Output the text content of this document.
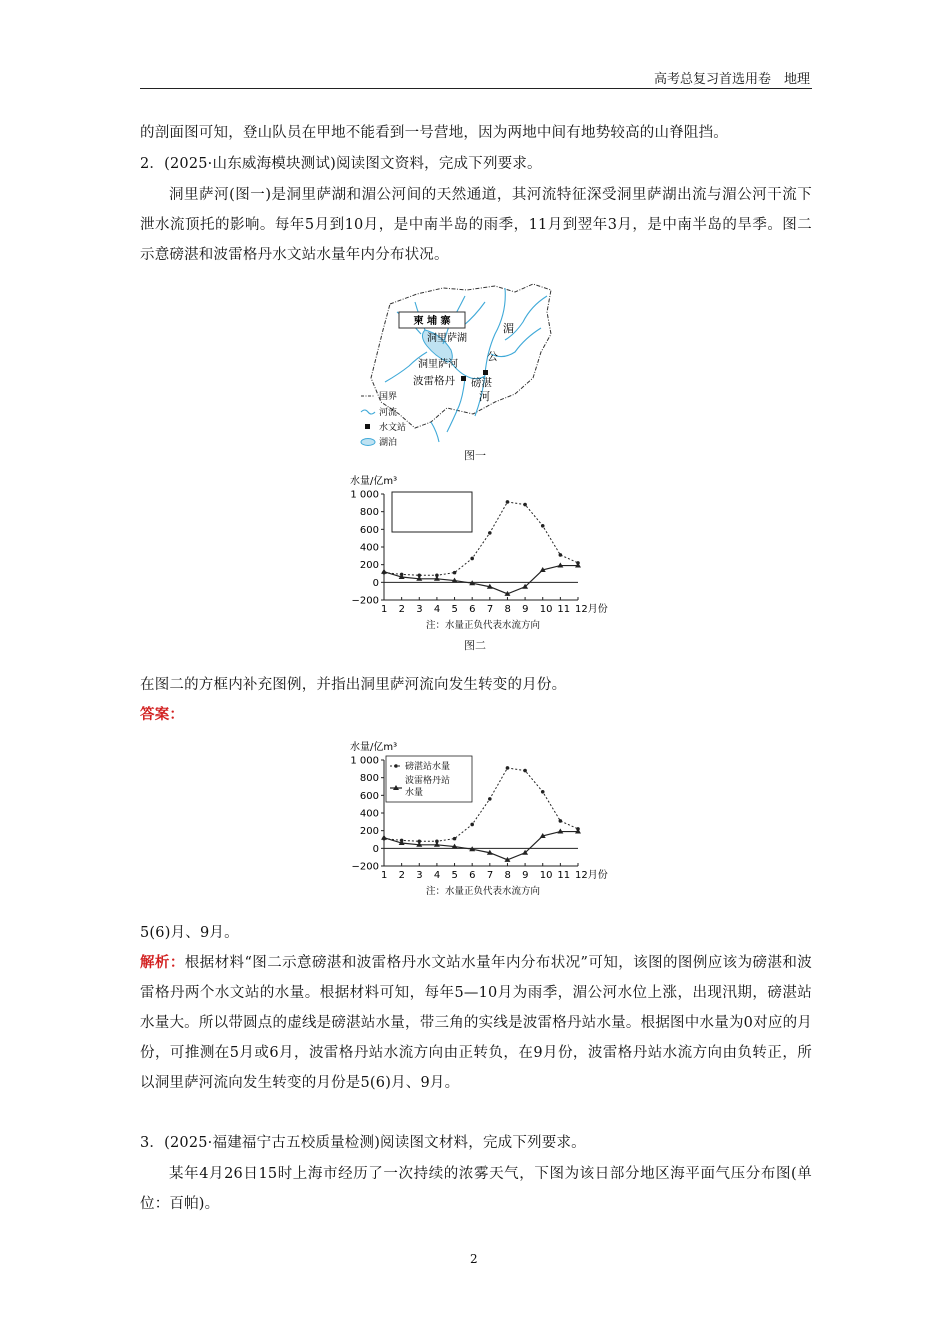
高考总复习首选用卷　地理

的剖面图可知，登山队员在甲地不能看到一号营地，因为两地中间有地势较高的山脊阻挡。

2．(2025·山东威海模块测试)阅读图文资料，完成下列要求。

洞里萨河(图一)是洞里萨湖和湄公河间的天然通道，其河流特征深受洞里萨湖出流与湄公河干流下泄水流顶托的影响。每年5月到10月，是中南半岛的雨季，11月到翌年3月，是中南半岛的旱季。图二示意磅湛和波雷格丹水文站水量年内分布状况。

柬 埔 寨
洞里萨湖
洞里萨河
波雷格丹 磅湛
湄
公
河
国界
河流
水文站
湖泊
图一
水量/亿m³
1 000
800
600
400
200
0
−200
1 2 3 4 5 6 7 8 9 10 11 12月份
注：水量正负代表水流方向
图二

在图二的方框内补充图例，并指出洞里萨河流向发生转变的月份。

答案：

水量/亿m³
1 000
800
600
400
200
0
−200
1 2 3 4 5 6 7 8 9 10 11 12月份
磅湛站水量
波雷格丹站
水量
注：水量正负代表水流方向

5(6)月、9月。

解析：根据材料“图二示意磅湛和波雷格丹水文站水量年内分布状况”可知，该图的图例应该为磅湛和波雷格丹两个水文站的水量。根据材料可知，每年5—10月为雨季，湄公河水位上涨，出现汛期，磅湛站水量大。所以带圆点的虚线是磅湛站水量，带三角的实线是波雷格丹站水量。根据图中水量为0对应的月份，可推测在5月或6月，波雷格丹站水流方向由正转负，在9月份，波雷格丹站水流方向由负转正，所以洞里萨河流向发生转变的月份是5(6)月、9月。

3．(2025·福建福宁古五校质量检测)阅读图文材料，完成下列要求。

某年4月26日15时上海市经历了一次持续的浓雾天气，下图为该日部分地区海平面气压分布图(单位：百帕)。

2
